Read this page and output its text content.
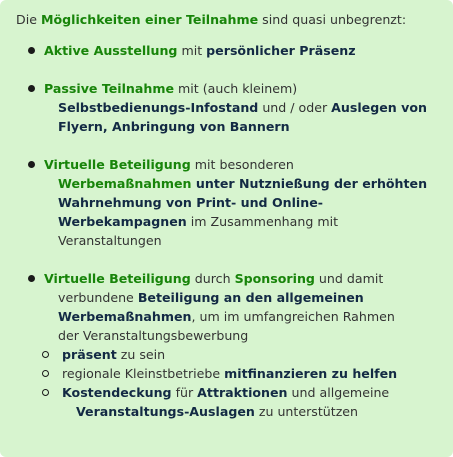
Die Möglichkeiten einer Teilnahme sind quasi unbegrenzt:

Aktive Ausstellung mit persönlicher Präsenz
Passive Teilnahme mit (auch kleinem)
Selbstbedienungs-Infostand und / oder Auslegen von
Flyern, Anbringung von Bannern
Virtuelle Beteiligung mit besonderen
Werbemaßnahmen unter Nutznießung der erhöhten
Wahrnehmung von Print- und Online-
Werbekampagnen im Zusammenhang mit
Veranstaltungen
Virtuelle Beteiligung durch Sponsoring und damit
verbundene Beteiligung an den allgemeinen
Werbemaßnahmen, um im umfangreichen Rahmen
der Veranstaltungsbewerbung
präsent zu sein
regionale Kleinstbetriebe mitfinanzieren zu helfen
Kostendeckung für Attraktionen und allgemeine
Veranstaltungs-Auslagen zu unterstützen
